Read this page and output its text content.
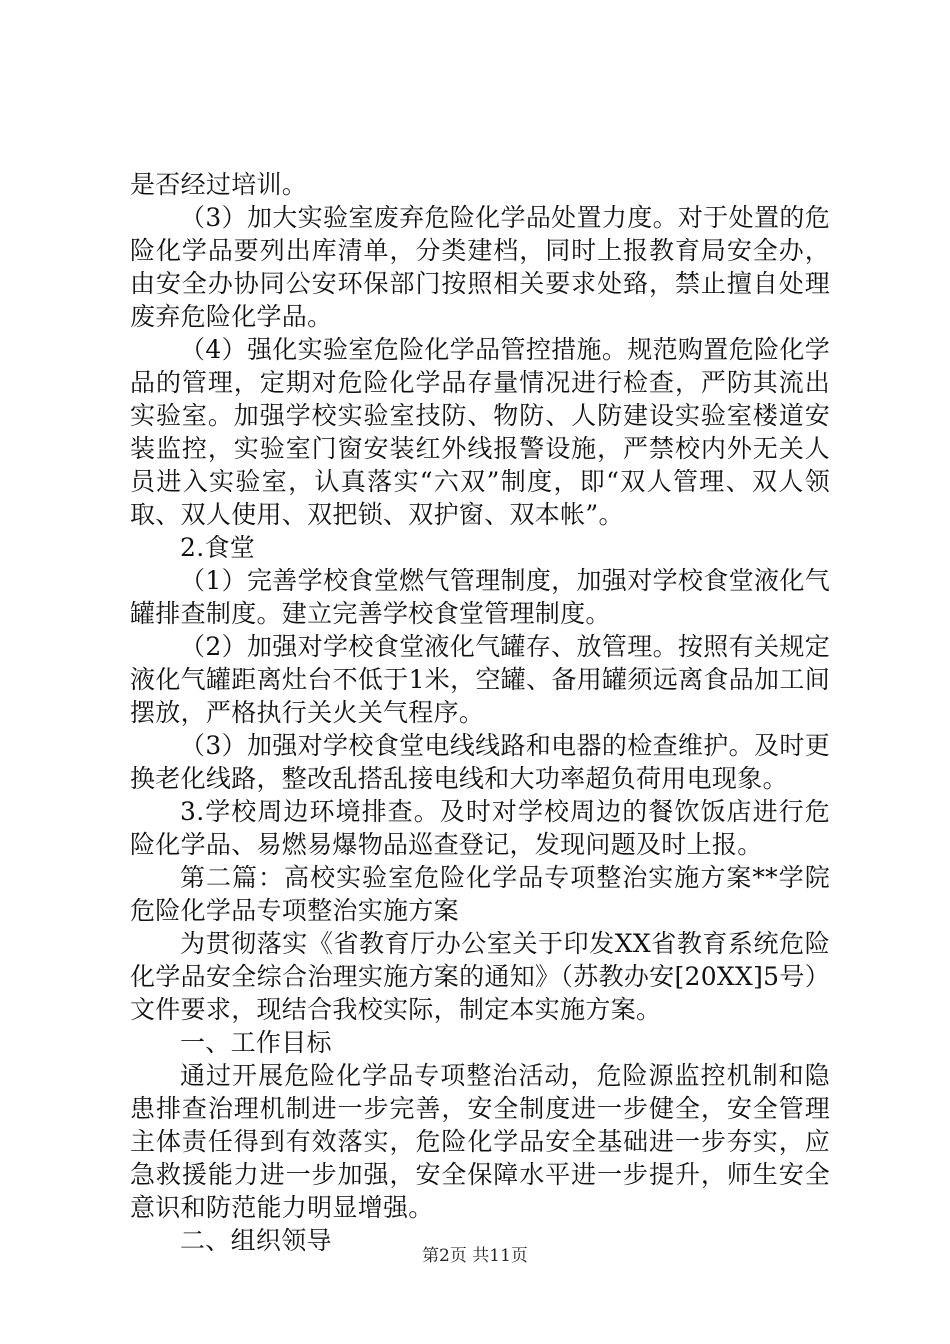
是否经过培训。

（3）加大实验室废弃危险化学品处置力度。对于处置的危险化学品要列出库清单，分类建档，同时上报教育局安全办，由安全办协同公安环保部门按照相关要求处臵，禁止擅自处理废弃危险化学品。

（4）强化实验室危险化学品管控措施。规范购置危险化学品的管理，定期对危险化学品存量情况进行检查，严防其流出实验室。加强学校实验室技防、物防、人防建设实验室楼道安装监控，实验室门窗安装红外线报警设施，严禁校内外无关人员进入实验室，认真落实“六双”制度，即“双人管理、双人领取、双人使用、双把锁、双护窗、双本帐”。

2.食堂

（1）完善学校食堂燃气管理制度，加强对学校食堂液化气罐排查制度。建立完善学校食堂管理制度。

（2）加强对学校食堂液化气罐存、放管理。按照有关规定液化气罐距离灶台不低于1米，空罐、备用罐须远离食品加工间摆放，严格执行关火关气程序。

（3）加强对学校食堂电线线路和电器的检查维护。及时更换老化线路，整改乱搭乱接电线和大功率超负荷用电现象。

3.学校周边环境排查。及时对学校周边的餐饮饭店进行危险化学品、易燃易爆物品巡查登记，发现问题及时上报。

第二篇：高校实验室危险化学品专项整治实施方案**学院危险化学品专项整治实施方案

为贯彻落实《省教育厅办公室关于印发XX省教育系统危险化学品安全综合治理实施方案的通知》（苏教办安[20XX]5号）文件要求，现结合我校实际，制定本实施方案。

一、工作目标

通过开展危险化学品专项整治活动，危险源监控机制和隐患排查治理机制进一步完善，安全制度进一步健全，安全管理主体责任得到有效落实，危险化学品安全基础进一步夯实，应急救援能力进一步加强，安全保障水平进一步提升，师生安全意识和防范能力明显增强。

二、组织领导

第2页 共11页
